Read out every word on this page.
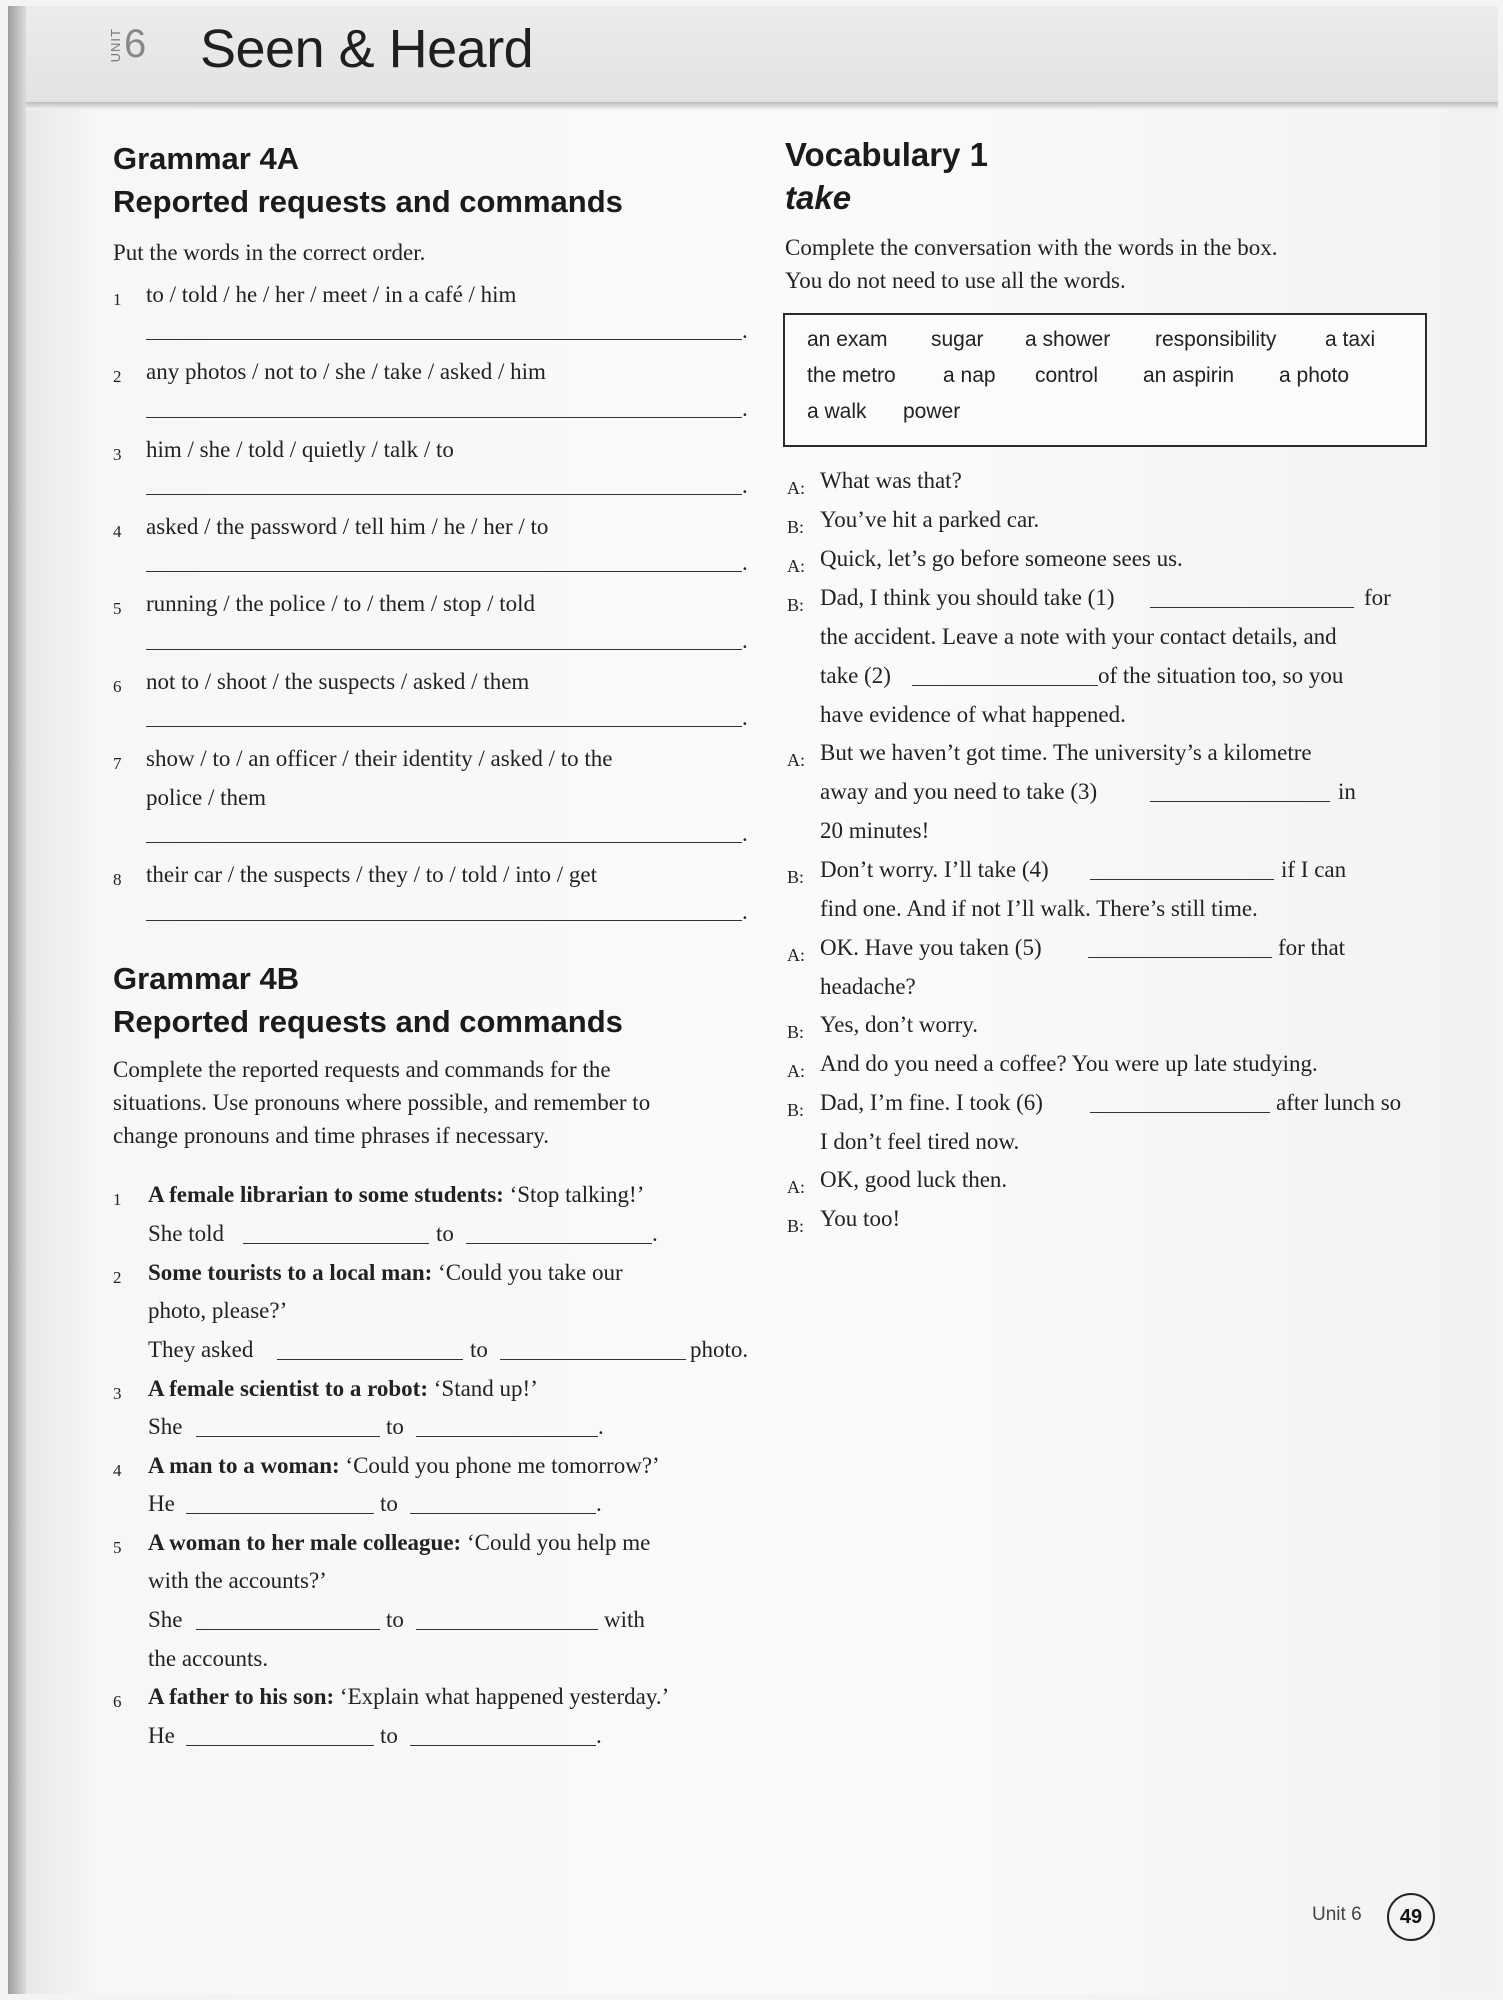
UNIT 6 Seen & Heard
Grammar 4A
Reported requests and commands
Put the words in the correct order.
1 to / told / he / her / meet / in a café / him
.
2 any photos / not to / she / take / asked / him
.
3 him / she / told / quietly / talk / to
.
4 asked / the password / tell him / he / her / to
.
5 running / the police / to / them / stop / told
.
6 not to / shoot / the suspects / asked / them
.
7 show / to / an officer / their identity / asked / to the
police / them
.
8 their car / the suspects / they / to / told / into / get
.
Grammar 4B
Reported requests and commands
Complete the reported requests and commands for the
situations. Use pronouns where possible, and remember to
change pronouns and time phrases if necessary.
1 A female librarian to some students: ‘Stop talking!’
She told	to	.
2 Some tourists to a local man: ‘Could you take our
photo, please?’
They asked	to	photo.
3 A female scientist to a robot: ‘Stand up!’
She	to	.
4 A man to a woman: ‘Could you phone me tomorrow?’
He	to	.
5 A woman to her male colleague: ‘Could you help me
with the accounts?’
She	to	with
the accounts.
6 A father to his son: ‘Explain what happened yesterday.’
He	to	.
Vocabulary 1
take
Complete the conversation with the words in the box.
You do not need to use all the words.
an exam sugar a shower responsibility a taxi
the metro a nap control an aspirin a photo
a walk power
A: What was that?
B: You’ve hit a parked car.
A: Quick, let’s go before someone sees us.
B: Dad, I think you should take (1)	for
the accident. Leave a note with your contact details, and
take (2)	of the situation too, so you
have evidence of what happened.
A: But we haven’t got time. The university’s a kilometre
away and you need to take (3)	in
20 minutes!
B: Don’t worry. I’ll take (4)	if I can
find one. And if not I’ll walk. There’s still time.
A: OK. Have you taken (5)	for that
headache?
B: Yes, don’t worry.
A: And do you need a coffee? You were up late studying.
B: Dad, I’m fine. I took (6)	after lunch so
I don’t feel tired now.
A: OK, good luck then.
B: You too!
Unit 6	49
